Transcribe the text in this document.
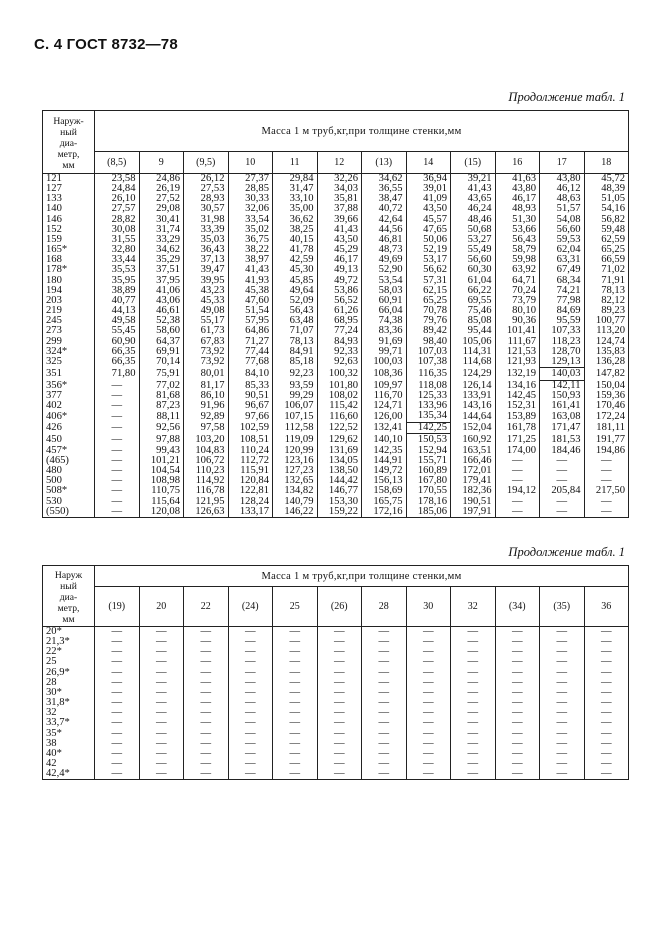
С. 4 ГОСТ 8732—78
Продолжение табл. 1
Наруж-
ный
диа-
метр,
мм	Масса 1 м труб,кг,при толщине стенки,мм											
	(8,5)	9	(9,5)	10	11	12	(13)	14	(15)	16	17	18
121	23,58	24,86	26,12	27,37	29,84	32,26	34,62	36,94	39,21	41,63	43,80	45,72
127	24,84	26,19	27,53	28,85	31,47	34,03	36,55	39,01	41,43	43,80	46,12	48,39
133	26,10	27,52	28,93	30,33	33,10	35,81	38,47	41,09	43,65	46,17	48,63	51,05
140	27,57	29,08	30,57	32,06	35,00	37,88	40,72	43,50	46,24	48,93	51,57	54,16
146	28,82	30,41	31,98	33,54	36,62	39,66	42,64	45,57	48,46	51,30	54,08	56,82
152	30,08	31,74	33,39	35,02	38,25	41,43	44,56	47,65	50,68	53,66	56,60	59,48
159	31,55	33,29	35,03	36,75	40,15	43,50	46,81	50,06	53,27	56,43	59,53	62,59
165*	32,80	34,62	36,43	38,22	41,78	45,29	48,73	52,19	55,49	58,79	62,04	65,25
168	33,44	35,29	37,13	38,97	42,59	46,17	49,69	53,17	56,60	59,98	63,31	66,59
178*	35,53	37,51	39,47	41,43	45,30	49,13	52,90	56,62	60,30	63,92	67,49	71,02
180	35,95	37,95	39,95	41,93	45,85	49,72	53,54	57,31	61,04	64,71	68,34	71,91
194	38,89	41,06	43,23	45,38	49,64	53,86	58,03	62,15	66,22	70,24	74,21	78,13
203	40,77	43,06	45,33	47,60	52,09	56,52	60,91	65,25	69,55	73,79	77,98	82,12
219	44,13	46,61	49,08	51,54	56,43	61,26	66,04	70,78	75,46	80,10	84,69	89,23
245	49,58	52,38	55,17	57,95	63,48	68,95	74,38	79,76	85,08	90,36	95,59	100,77
273	55,45	58,60	61,73	64,86	71,07	77,24	83,36	89,42	95,44	101,41	107,33	113,20
299	60,90	64,37	67,83	71,27	78,13	84,93	91,69	98,40	105,06	111,67	118,23	124,74
324*	66,35	69,91	73,92	77,44	84,91	92,33	99,71	107,03	114,31	121,53	128,70	135,83
325	66,35	70,14	73,92	77,68	85,18	92,63	100,03	107,38	114,68	121,93	129,13	136,28
351	71,80	75,91	80,01	84,10	92,23	100,32	108,36	116,35	124,29	132,19	140,03	147,82
356*	—	77,02	81,17	85,33	93,59	101,80	109,97	118,08	126,14	134,16	142,11	150,04
377	—	81,68	86,10	90,51	99,29	108,02	116,70	125,33	133,91	142,45	150,93	159,36
402	—	87,23	91,96	96,67	106,07	115,42	124,71	133,96	143,16	152,31	161,41	170,46
406*	—	88,11	92,89	97,66	107,15	116,60	126,00	135,34	144,64	153,89	163,08	172,24
426	—	92,56	97,58	102,59	112,58	122,52	132,41	142,25	152,04	161,78	171,47	181,11
450	—	97,88	103,20	108,51	119,09	129,62	140,10	150,53	160,92	171,25	181,53	191,77
457*	—	99,43	104,83	110,24	120,99	131,69	142,35	152,94	163,51	174,00	184,46	194,86
(465)	—	101,21	106,72	112,72	123,16	134,05	144,91	155,71	166,46	—	—	—
480	—	104,54	110,23	115,91	127,23	138,50	149,72	160,89	172,01	—	—	—
500	—	108,98	114,92	120,84	132,65	144,42	156,13	167,80	179,41	—	—	—
508*	—	110,75	116,78	122,81	134,82	146,77	158,69	170,55	182,36	194,12	205,84	217,50
530	—	115,64	121,95	128,24	140,79	153,30	165,75	178,16	190,51	—	—	—
(550)	—	120,08	126,63	133,17	146,22	159,22	172,16	185,06	197,91	—	—	—
Продолжение табл. 1
Наруж
ный
диа-
метр,
мм	Масса 1 м труб,кг,при толщине стенки,мм											
	(19)	20	22	(24)	25	(26)	28	30	32	(34)	(35)	36
20*	—	—	—	—	—	—	—	—	—	—	—	—
21,3*	—	—	—	—	—	—	—	—	—	—	—	—
22*	—	—	—	—	—	—	—	—	—	—	—	—
25	—	—	—	—	—	—	—	—	—	—	—	—
26,9*	—	—	—	—	—	—	—	—	—	—	—	—
28	—	—	—	—	—	—	—	—	—	—	—	—
30*	—	—	—	—	—	—	—	—	—	—	—	—
31,8*	—	—	—	—	—	—	—	—	—	—	—	—
32	—	—	—	—	—	—	—	—	—	—	—	—
33,7*	—	—	—	—	—	—	—	—	—	—	—	—
35*	—	—	—	—	—	—	—	—	—	—	—	—
38	—	—	—	—	—	—	—	—	—	—	—	—
40*	—	—	—	—	—	—	—	—	—	—	—	—
42	—	—	—	—	—	—	—	—	—	—	—	—
42,4*	—	—	—	—	—	—	—	—	—	—	—	—
